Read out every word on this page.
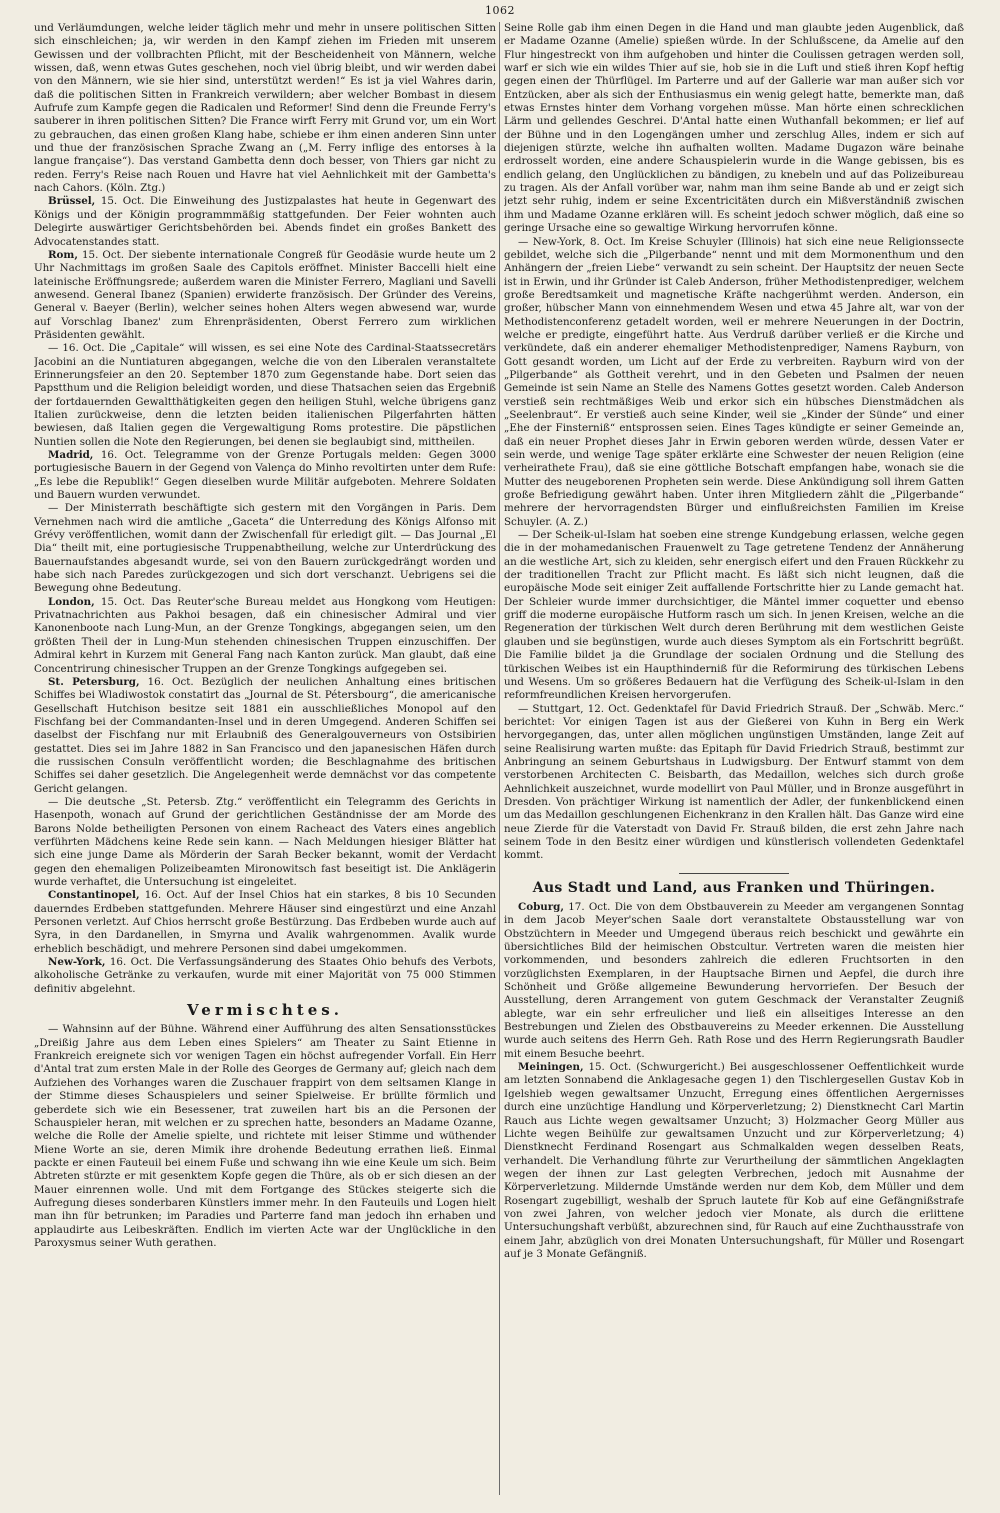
1062

und Verläumdungen, welche leider täglich mehr und mehr in unsere politischen Sitten sich einschleichen; ja, wir werden in den Kampf ziehen im Frieden mit unserem Gewissen und der vollbrachten Pflicht, mit der Bescheidenheit von Männern, welche wissen, daß, wenn etwas Gutes geschehen, noch viel übrig bleibt, und wir werden dabei von den Männern, wie sie hier sind, unterstützt werden!“ Es ist ja viel Wahres darin, daß die politischen Sitten in Frankreich verwildern; aber welcher Bombast in diesem Aufrufe zum Kampfe gegen die Radicalen und Reformer! Sind denn die Freunde Ferry's sauberer in ihren politischen Sitten? Die France wirft Ferry mit Grund vor, um ein Wort zu gebrauchen, das einen großen Klang habe, schiebe er ihm einen anderen Sinn unter und thue der französischen Sprache Zwang an („M. Ferry inflige des entorses à la langue française“). Das verstand Gambetta denn doch besser, von Thiers gar nicht zu reden. Ferry's Reise nach Rouen und Havre hat viel Aehnlichkeit mit der Gambetta's nach Cahors. (Köln. Ztg.)

Brüssel, 15. Oct. Die Einweihung des Justizpalastes hat heute in Gegenwart des Königs und der Königin programmmäßig stattgefunden. Der Feier wohnten auch Delegirte auswärtiger Gerichtsbehörden bei. Abends findet ein großes Bankett des Advocatenstandes statt.

Rom, 15. Oct. Der siebente internationale Congreß für Geodäsie wurde heute um 2 Uhr Nachmittags im großen Saale des Capitols eröffnet. Minister Baccelli hielt eine lateinische Eröffnungsrede; außerdem waren die Minister Ferrero, Magliani und Savelli anwesend. General Ibanez (Spanien) erwiderte französisch. Der Gründer des Vereins, General v. Baeyer (Berlin), welcher seines hohen Alters wegen abwesend war, wurde auf Vorschlag Ibanez' zum Ehrenpräsidenten, Oberst Ferrero zum wirklichen Präsidenten gewählt.

— 16. Oct. Die „Capitale“ will wissen, es sei eine Note des Cardinal-Staatssecretärs Jacobini an die Nuntiaturen abgegangen, welche die von den Liberalen veranstaltete Erinnerungsfeier an den 20. September 1870 zum Gegenstande habe. Dort seien das Papstthum und die Religion beleidigt worden, und diese Thatsachen seien das Ergebniß der fortdauernden Gewaltthätigkeiten gegen den heiligen Stuhl, welche übrigens ganz Italien zurückweise, denn die letzten beiden italienischen Pilgerfahrten hätten bewiesen, daß Italien gegen die Vergewaltigung Roms protestire. Die päpstlichen Nuntien sollen die Note den Regierungen, bei denen sie beglaubigt sind, mittheilen.

Madrid, 16. Oct. Telegramme von der Grenze Portugals melden: Gegen 3000 portugiesische Bauern in der Gegend von Valença do Minho revoltirten unter dem Rufe: „Es lebe die Republik!“ Gegen dieselben wurde Militär aufgeboten. Mehrere Soldaten und Bauern wurden verwundet.

— Der Ministerrath beschäftigte sich gestern mit den Vorgängen in Paris. Dem Vernehmen nach wird die amtliche „Gaceta“ die Unterredung des Königs Alfonso mit Grévy veröffentlichen, womit dann der Zwischenfall für erledigt gilt. — Das Journal „El Dia“ theilt mit, eine portugiesische Truppenabtheilung, welche zur Unterdrückung des Bauernaufstandes abgesandt wurde, sei von den Bauern zurückgedrängt worden und habe sich nach Paredes zurückgezogen und sich dort verschanzt. Uebrigens sei die Bewegung ohne Bedeutung.

London, 15. Oct. Das Reuter'sche Bureau meldet aus Hongkong vom Heutigen: Privatnachrichten aus Pakhoi besagen, daß ein chinesischer Admiral und vier Kanonenboote nach Lung-Mun, an der Grenze Tongkings, abgegangen seien, um den größten Theil der in Lung-Mun stehenden chinesischen Truppen einzuschiffen. Der Admiral kehrt in Kurzem mit General Fang nach Kanton zurück. Man glaubt, daß eine Concentrirung chinesischer Truppen an der Grenze Tongkings aufgegeben sei.

St. Petersburg, 16. Oct. Bezüglich der neulichen Anhaltung eines britischen Schiffes bei Wladiwostok constatirt das „Journal de St. Pétersbourg“, die americanische Gesellschaft Hutchison besitze seit 1881 ein ausschließliches Monopol auf den Fischfang bei der Commandanten-Insel und in deren Umgegend. Anderen Schiffen sei daselbst der Fischfang nur mit Erlaubniß des Generalgouverneurs von Ostsibirien gestattet. Dies sei im Jahre 1882 in San Francisco und den japanesischen Häfen durch die russischen Consuln veröffentlicht worden; die Beschlagnahme des britischen Schiffes sei daher gesetzlich. Die Angelegenheit werde demnächst vor das competente Gericht gelangen.

— Die deutsche „St. Petersb. Ztg.“ veröffentlicht ein Telegramm des Gerichts in Hasenpoth, wonach auf Grund der gerichtlichen Geständnisse der am Morde des Barons Nolde betheiligten Personen von einem Racheact des Vaters eines angeblich verführten Mädchens keine Rede sein kann. — Nach Meldungen hiesiger Blätter hat sich eine junge Dame als Mörderin der Sarah Becker bekannt, womit der Verdacht gegen den ehemaligen Polizeibeamten Mironowitsch fast beseitigt ist. Die Anklägerin wurde verhaftet, die Untersuchung ist eingeleitet.

Constantinopel, 16. Oct. Auf der Insel Chios hat ein starkes, 8 bis 10 Secunden dauerndes Erdbeben stattgefunden. Mehrere Häuser sind eingestürzt und eine Anzahl Personen verletzt. Auf Chios herrscht große Bestürzung. Das Erdbeben wurde auch auf Syra, in den Dardanellen, in Smyrna und Avalik wahrgenommen. Avalik wurde erheblich beschädigt, und mehrere Personen sind dabei umgekommen.

New-York, 16. Oct. Die Verfassungsänderung des Staates Ohio behufs des Verbots, alkoholische Getränke zu verkaufen, wurde mit einer Majorität von 75 000 Stimmen definitiv abgelehnt.

Vermischtes.

— Wahnsinn auf der Bühne. Während einer Aufführung des alten Sensationsstückes „Dreißig Jahre aus dem Leben eines Spielers“ am Theater zu Saint Etienne in Frankreich ereignete sich vor wenigen Tagen ein höchst aufregender Vorfall. Ein Herr d'Antal trat zum ersten Male in der Rolle des Georges de Germany auf; gleich nach dem Aufziehen des Vorhanges waren die Zuschauer frappirt von dem seltsamen Klange in der Stimme dieses Schauspielers und seiner Spielweise. Er brüllte förmlich und geberdete sich wie ein Besessener, trat zuweilen hart bis an die Personen der Schauspieler heran, mit welchen er zu sprechen hatte, besonders an Madame Ozanne, welche die Rolle der Amelie spielte, und richtete mit leiser Stimme und wüthender Miene Worte an sie, deren Mimik ihre drohende Bedeutung errathen ließ. Einmal packte er einen Fauteuil bei einem Fuße und schwang ihn wie eine Keule um sich. Beim Abtreten stürzte er mit gesenktem Kopfe gegen die Thüre, als ob er sich diesen an der Mauer einrennen wolle. Und mit dem Fortgange des Stückes steigerte sich die Aufregung dieses sonderbaren Künstlers immer mehr. In den Fauteuils und Logen hielt man ihn für betrunken; im Paradies und Parterre fand man jedoch ihn erhaben und applaudirte aus Leibeskräften. Endlich im vierten Acte war der Unglückliche in den Paroxysmus seiner Wuth gerathen.

Seine Rolle gab ihm einen Degen in die Hand und man glaubte jeden Augenblick, daß er Madame Ozanne (Amelie) spießen würde. In der Schlußscene, da Amelie auf den Flur hingestreckt von ihm aufgehoben und hinter die Coulissen getragen werden soll, warf er sich wie ein wildes Thier auf sie, hob sie in die Luft und stieß ihren Kopf heftig gegen einen der Thürflügel. Im Parterre und auf der Gallerie war man außer sich vor Entzücken, aber als sich der Enthusiasmus ein wenig gelegt hatte, bemerkte man, daß etwas Ernstes hinter dem Vorhang vorgehen müsse. Man hörte einen schrecklichen Lärm und gellendes Geschrei. D'Antal hatte einen Wuthanfall bekommen; er lief auf der Bühne und in den Logengängen umher und zerschlug Alles, indem er sich auf diejenigen stürzte, welche ihn aufhalten wollten. Madame Dugazon wäre beinahe erdrosselt worden, eine andere Schauspielerin wurde in die Wange gebissen, bis es endlich gelang, den Unglücklichen zu bändigen, zu knebeln und auf das Polizeibureau zu tragen. Als der Anfall vorüber war, nahm man ihm seine Bande ab und er zeigt sich jetzt sehr ruhig, indem er seine Excentricitäten durch ein Mißverständniß zwischen ihm und Madame Ozanne erklären will. Es scheint jedoch schwer möglich, daß eine so geringe Ursache eine so gewaltige Wirkung hervorrufen könne.

— New-York, 8. Oct. Im Kreise Schuyler (Illinois) hat sich eine neue Religionssecte gebildet, welche sich die „Pilgerbande“ nennt und mit dem Mormonenthum und den Anhängern der „freien Liebe“ verwandt zu sein scheint. Der Hauptsitz der neuen Secte ist in Erwin, und ihr Gründer ist Caleb Anderson, früher Methodistenprediger, welchem große Beredtsamkeit und magnetische Kräfte nachgerühmt werden. Anderson, ein großer, hübscher Mann von einnehmendem Wesen und etwa 45 Jahre alt, war von der Methodistenconferenz getadelt worden, weil er mehrere Neuerungen in der Doctrin, welche er predigte, eingeführt hatte. Aus Verdruß darüber verließ er die Kirche und verkündete, daß ein anderer ehemaliger Methodistenprediger, Namens Rayburn, von Gott gesandt worden, um Licht auf der Erde zu verbreiten. Rayburn wird von der „Pilgerbande“ als Gottheit verehrt, und in den Gebeten und Psalmen der neuen Gemeinde ist sein Name an Stelle des Namens Gottes gesetzt worden. Caleb Anderson verstieß sein rechtmäßiges Weib und erkor sich ein hübsches Dienstmädchen als „Seelenbraut“. Er verstieß auch seine Kinder, weil sie „Kinder der Sünde“ und einer „Ehe der Finsterniß“ entsprossen seien. Eines Tages kündigte er seiner Gemeinde an, daß ein neuer Prophet dieses Jahr in Erwin geboren werden würde, dessen Vater er sein werde, und wenige Tage später erklärte eine Schwester der neuen Religion (eine verheirathete Frau), daß sie eine göttliche Botschaft empfangen habe, wonach sie die Mutter des neugeborenen Propheten sein werde. Diese Ankündigung soll ihrem Gatten große Befriedigung gewährt haben. Unter ihren Mitgliedern zählt die „Pilgerbande“ mehrere der hervorragendsten Bürger und einflußreichsten Familien im Kreise Schuyler. (A. Z.)

— Der Scheik-ul-Islam hat soeben eine strenge Kundgebung erlassen, welche gegen die in der mohamedanischen Frauenwelt zu Tage getretene Tendenz der Annäherung an die westliche Art, sich zu kleiden, sehr energisch eifert und den Frauen Rückkehr zu der traditionellen Tracht zur Pflicht macht. Es läßt sich nicht leugnen, daß die europäische Mode seit einiger Zeit auffallende Fortschritte hier zu Lande gemacht hat. Der Schleier wurde immer durchsichtiger, die Mäntel immer coquetter und ebenso griff die moderne europäische Hutform rasch um sich. In jenen Kreisen, welche an die Regeneration der türkischen Welt durch deren Berührung mit dem westlichen Geiste glauben und sie begünstigen, wurde auch dieses Symptom als ein Fortschritt begrüßt. Die Familie bildet ja die Grundlage der socialen Ordnung und die Stellung des türkischen Weibes ist ein Haupthinderniß für die Reformirung des türkischen Lebens und Wesens. Um so größeres Bedauern hat die Verfügung des Scheik-ul-Islam in den reformfreundlichen Kreisen hervorgerufen.

— Stuttgart, 12. Oct. Gedenktafel für David Friedrich Strauß. Der „Schwäb. Merc.“ berichtet: Vor einigen Tagen ist aus der Gießerei von Kuhn in Berg ein Werk hervorgegangen, das, unter allen möglichen ungünstigen Umständen, lange Zeit auf seine Realisirung warten mußte: das Epitaph für David Friedrich Strauß, bestimmt zur Anbringung an seinem Geburtshaus in Ludwigsburg. Der Entwurf stammt von dem verstorbenen Architecten C. Beisbarth, das Medaillon, welches sich durch große Aehnlichkeit auszeichnet, wurde modellirt von Paul Müller, und in Bronze ausgeführt in Dresden. Von prächtiger Wirkung ist namentlich der Adler, der funkenblickend einen um das Medaillon geschlungenen Eichenkranz in den Krallen hält. Das Ganze wird eine neue Zierde für die Vaterstadt von David Fr. Strauß bilden, die erst zehn Jahre nach seinem Tode in den Besitz einer würdigen und künstlerisch vollendeten Gedenktafel kommt.

Aus Stadt und Land, aus Franken und Thüringen.

Coburg, 17. Oct. Die von dem Obstbauverein zu Meeder am vergangenen Sonntag in dem Jacob Meyer'schen Saale dort veranstaltete Obstausstellung war von Obstzüchtern in Meeder und Umgegend überaus reich beschickt und gewährte ein übersichtliches Bild der heimischen Obstcultur. Vertreten waren die meisten hier vorkommenden, und besonders zahlreich die edleren Fruchtsorten in den vorzüglichsten Exemplaren, in der Hauptsache Birnen und Aepfel, die durch ihre Schönheit und Größe allgemeine Bewunderung hervorriefen. Der Besuch der Ausstellung, deren Arrangement von gutem Geschmack der Veranstalter Zeugniß ablegte, war ein sehr erfreulicher und ließ ein allseitiges Interesse an den Bestrebungen und Zielen des Obstbauvereins zu Meeder erkennen. Die Ausstellung wurde auch seitens des Herrn Geh. Rath Rose und des Herrn Regierungsrath Baudler mit einem Besuche beehrt.

Meiningen, 15. Oct. (Schwurgericht.) Bei ausgeschlossener Oeffentlichkeit wurde am letzten Sonnabend die Anklagesache gegen 1) den Tischlergesellen Gustav Kob in Igelshieb wegen gewaltsamer Unzucht, Erregung eines öffentlichen Aergernisses durch eine unzüchtige Handlung und Körperverletzung; 2) Dienstknecht Carl Martin Rauch aus Lichte wegen gewaltsamer Unzucht; 3) Holzmacher Georg Müller aus Lichte wegen Beihülfe zur gewaltsamen Unzucht und zur Körperverletzung; 4) Dienstknecht Ferdinand Rosengart aus Schmalkalden wegen desselben Reats, verhandelt. Die Verhandlung führte zur Verurtheilung der sämmtlichen Angeklagten wegen der ihnen zur Last gelegten Verbrechen, jedoch mit Ausnahme der Körperverletzung. Mildernde Umstände werden nur dem Kob, dem Müller und dem Rosengart zugebilligt, weshalb der Spruch lautete für Kob auf eine Gefängnißstrafe von zwei Jahren, von welcher jedoch vier Monate, als durch die erlittene Untersuchungshaft verbüßt, abzurechnen sind, für Rauch auf eine Zuchthausstrafe von einem Jahr, abzüglich von drei Monaten Untersuchungshaft, für Müller und Rosengart auf je 3 Monate Gefängniß.
